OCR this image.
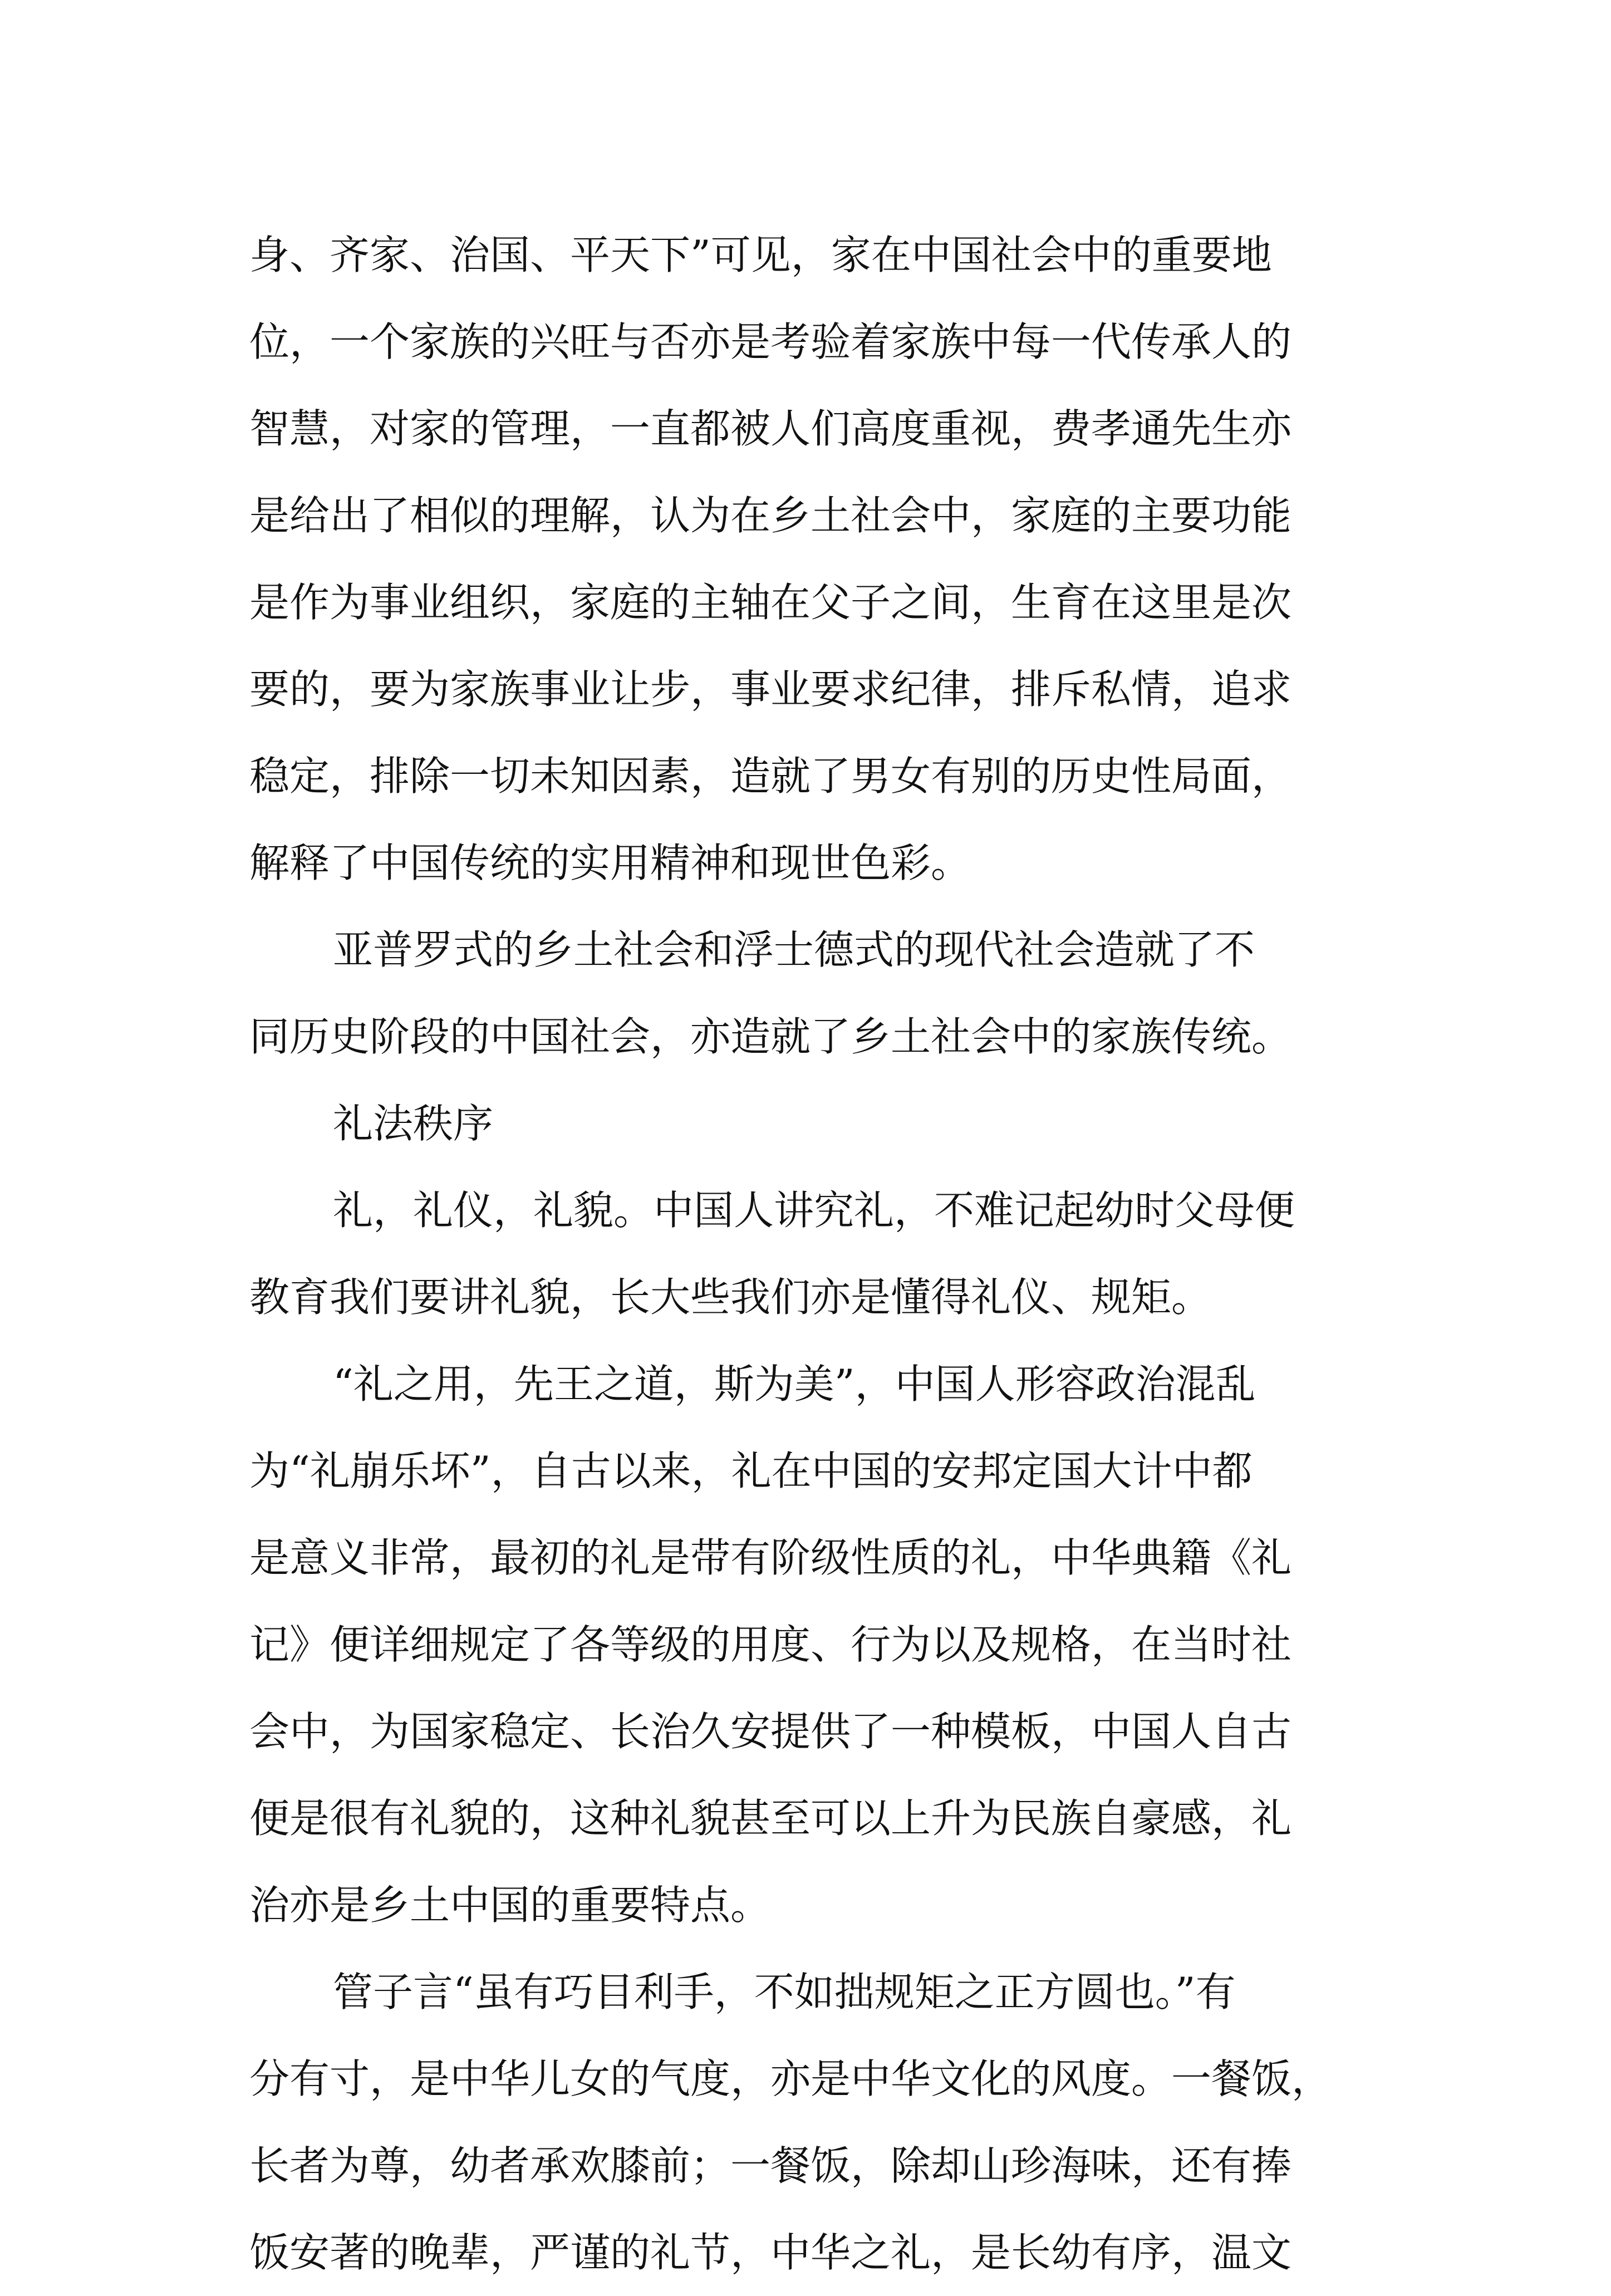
身、齐家、治国、平天下”可见，家在中国社会中的重要地
位，一个家族的兴旺与否亦是考验着家族中每一代传承人的
智慧，对家的管理，一直都被人们高度重视，费孝通先生亦
是给出了相似的理解，认为在乡土社会中，家庭的主要功能
是作为事业组织，家庭的主轴在父子之间，生育在这里是次
要的，要为家族事业让步，事业要求纪律，排斥私情，追求
稳定，排除一切未知因素，造就了男女有别的历史性局面，
解释了中国传统的实用精神和现世色彩。
亚普罗式的乡土社会和浮士德式的现代社会造就了不
同历史阶段的中国社会，亦造就了乡土社会中的家族传统。
礼法秩序
礼，礼仪，礼貌。中国人讲究礼，不难记起幼时父母便
教育我们要讲礼貌，长大些我们亦是懂得礼仪、规矩。
“礼之用，先王之道，斯为美”，中国人形容政治混乱
为“礼崩乐坏”，自古以来，礼在中国的安邦定国大计中都
是意义非常，最初的礼是带有阶级性质的礼，中华典籍《礼
记》便详细规定了各等级的用度、行为以及规格，在当时社
会中，为国家稳定、长治久安提供了一种模板，中国人自古
便是很有礼貌的，这种礼貌甚至可以上升为民族自豪感，礼
治亦是乡土中国的重要特点。
管子言“虽有巧目利手，不如拙规矩之正方圆也。”有
分有寸，是中华儿女的气度，亦是中华文化的风度。一餐饭，
长者为尊，幼者承欢膝前；一餐饭，除却山珍海味，还有捧
饭安著的晚辈，严谨的礼节，中华之礼，是长幼有序，温文
